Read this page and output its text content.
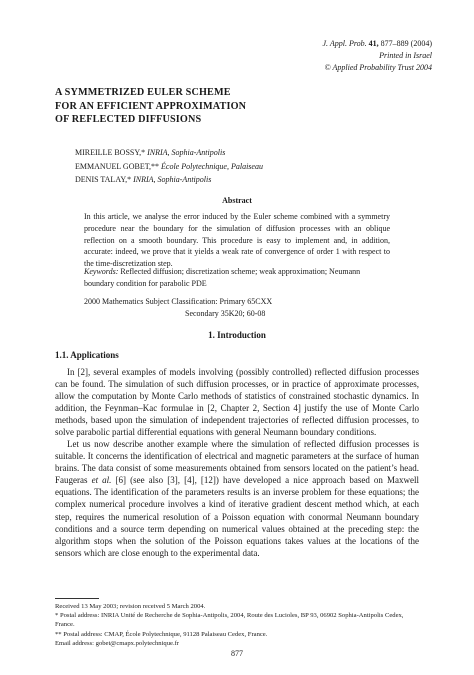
J. Appl. Prob. 41, 877–889 (2004)
Printed in Israel
© Applied Probability Trust 2004
A SYMMETRIZED EULER SCHEME
FOR AN EFFICIENT APPROXIMATION
OF REFLECTED DIFFUSIONS
MIREILLE BOSSY,* INRIA, Sophia-Antipolis
EMMANUEL GOBET,** École Polytechnique, Palaiseau
DENIS TALAY,* INRIA, Sophia-Antipolis
Abstract
In this article, we analyse the error induced by the Euler scheme combined with a symmetry procedure near the boundary for the simulation of diffusion processes with an oblique reflection on a smooth boundary. This procedure is easy to implement and, in addition, accurate: indeed, we prove that it yields a weak rate of convergence of order 1 with respect to the time-discretization step.
Keywords: Reflected diffusion; discretization scheme; weak approximation; Neumann boundary condition for parabolic PDE
2000 Mathematics Subject Classification: Primary 65CXX
Secondary 35K20; 60-08
1. Introduction
1.1. Applications
In [2], several examples of models involving (possibly controlled) reflected diffusion processes can be found. The simulation of such diffusion processes, or in practice of approximate processes, allow the computation by Monte Carlo methods of statistics of constrained stochastic dynamics. In addition, the Feynman–Kac formulae in [2, Chapter 2, Section 4] justify the use of Monte Carlo methods, based upon the simulation of independent trajectories of reflected diffusion processes, to solve parabolic partial differential equations with general Neumann boundary conditions.
Let us now describe another example where the simulation of reflected diffusion processes is suitable. It concerns the identification of electrical and magnetic parameters at the surface of human brains. The data consist of some measurements obtained from sensors located on the patient’s head. Faugeras et al. [6] (see also [3], [4], [12]) have developed a nice approach based on Maxwell equations. The identification of the parameters results is an inverse problem for these equations; the complex numerical procedure involves a kind of iterative gradient descent method which, at each step, requires the numerical resolution of a Poisson equation with conormal Neumann boundary conditions and a source term depending on numerical values obtained at the preceding step: the algorithm stops when the solution of the Poisson equations takes values at the locations of the sensors which are close enough to the experimental data.
Received 13 May 2003; revision received 5 March 2004.
* Postal address: INRIA Unité de Recherche de Sophia-Antipolis, 2004, Route des Lucioles, BP 93, 06902 Sophia-Antipolis Cedex, France.
** Postal address: CMAP, École Polytechnique, 91128 Palaiseau Cedex, France.
Email address: gobet@cmapx.polytechnique.fr
877
